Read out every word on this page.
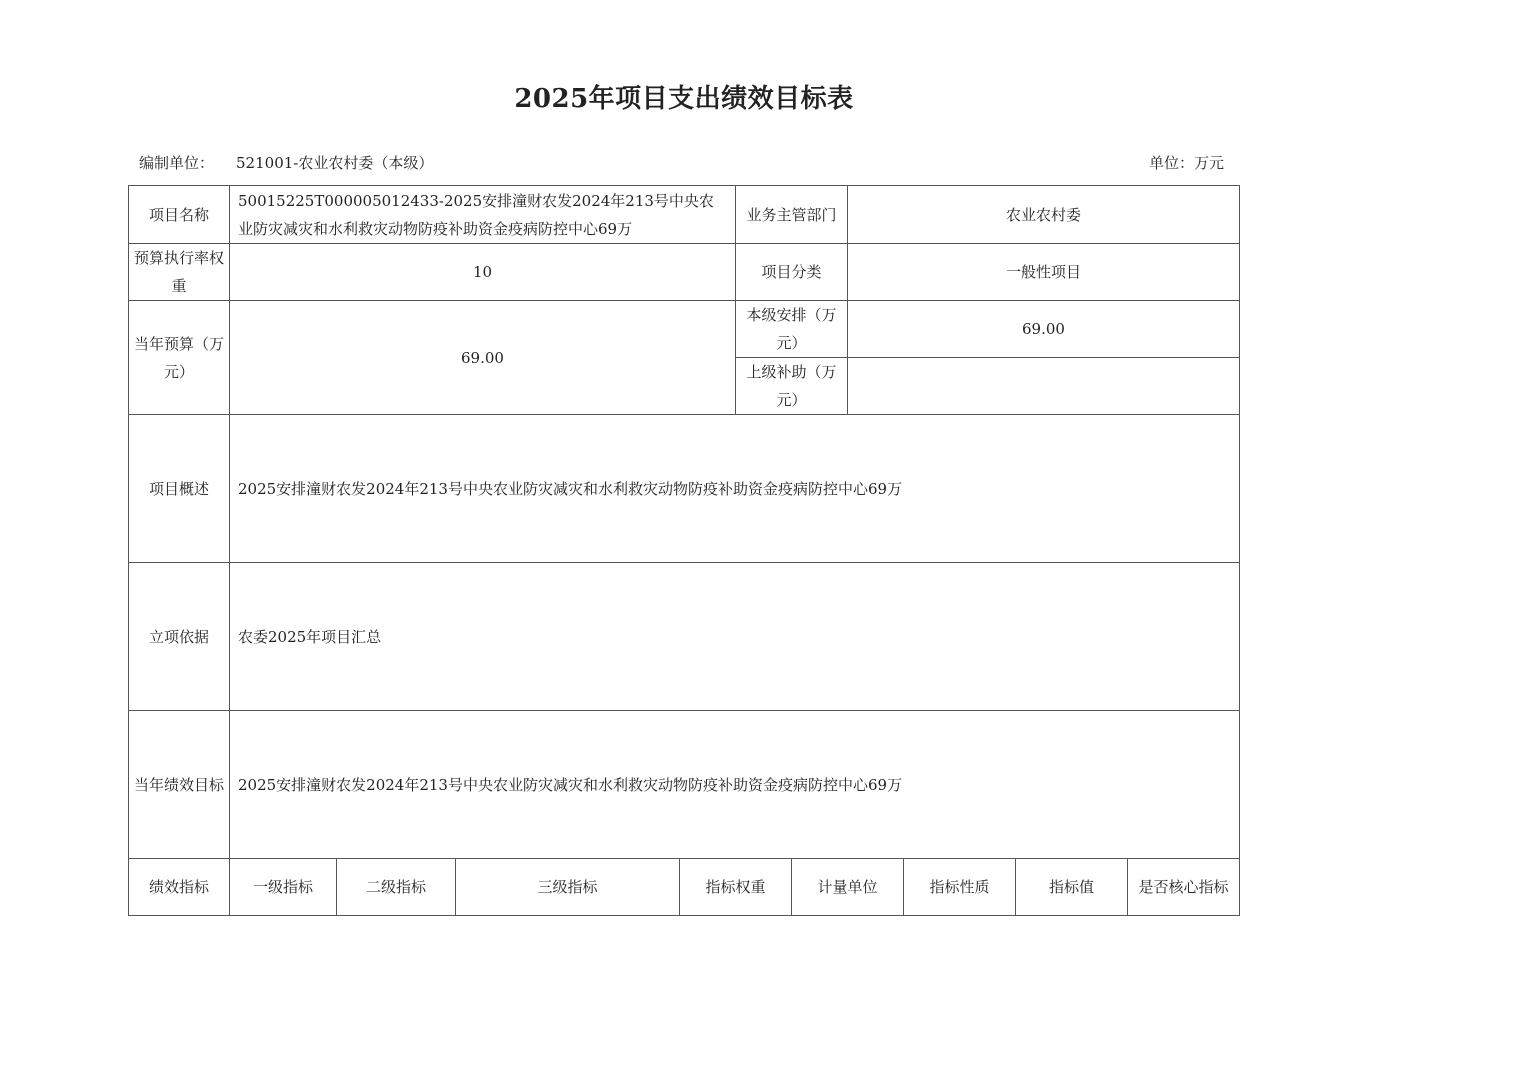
2025年项目支出绩效目标表
编制单位： 521001-农业农村委（本级）	单位：万元
项目名称	50015225T000005012433-2025安排潼财农发2024年213号中央农业防灾减灾和水利救灾动物防疫补助资金疫病防控中心69万				业务主管部门		农业农村委			
预算执行率权重	10				项目分类		一般性项目			
当年预算（万元）	69.00				本级安排（万元）		69.00			
					上级补助（万元）					
项目概述	2025安排潼财农发2024年213号中央农业防灾减灾和水利救灾动物防疫补助资金疫病防控中心69万									
立项依据	农委2025年项目汇总									
当年绩效目标	2025安排潼财农发2024年213号中央农业防灾减灾和水利救灾动物防疫补助资金疫病防控中心69万									
绩效指标	一级指标	二级指标	三级指标	指标权重		计量单位		指标性质	指标值	是否核心指标
